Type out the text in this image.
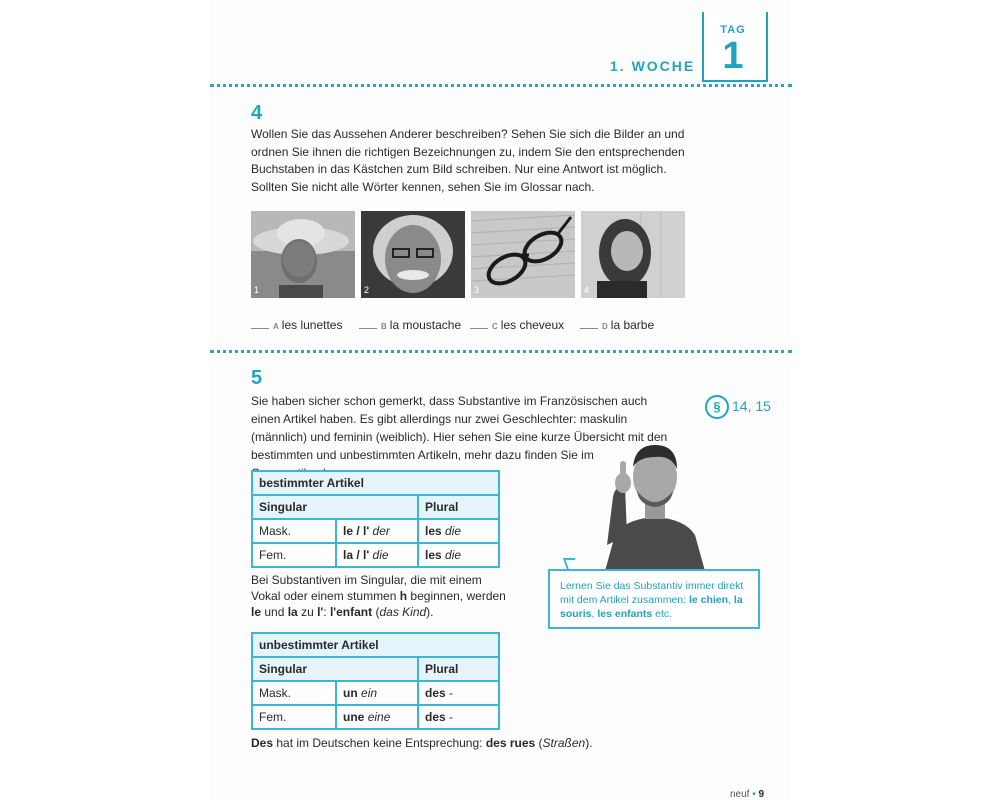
TAG
1
1. WOCHE
4
Wollen Sie das Aussehen Anderer beschreiben? Sehen Sie sich die Bilder an und ordnen Sie ihnen die richtigen Bezeichnungen zu, indem Sie den entsprechenden Buchstaben in das Kästchen zum Bild schreiben. Nur eine Antwort ist möglich. Sollten Sie nicht alle Wörter kennen, sehen Sie im Glossar nach.
1	2	3	4
A les lunettes	B la moustache	C les cheveux	D la barbe
5
Sie haben sicher schon gemerkt, dass Substantive im Französischen auch einen Artikel haben. Es gibt allerdings nur zwei Geschlechter: maskulin (männlich) und feminin (weiblich). Hier sehen Sie eine kurze Übersicht mit den bestimmten und unbestimmten Artikeln, mehr dazu finden Sie im
§ 14, 15
bestimmter Artikel		
Singular		Plural
Mask.	le / l' der	les die
Fem.	la / l' die	les die
Bei Substantiven im Singular, die mit einem Vokal oder einem stummen h beginnen, werden le und la zu l': l'enfant (das Kind).
unbestimmter Artikel		
Singular		Plural
Mask.	un ein	des -
Fem.	une eine	des -
Des hat im Deutschen keine Entsprechung: des rues (Straßen).
Lernen Sie das Substantiv immer direkt mit dem Artikel zusammen: le chien, la souris, les enfants etc.
neuf • 9
